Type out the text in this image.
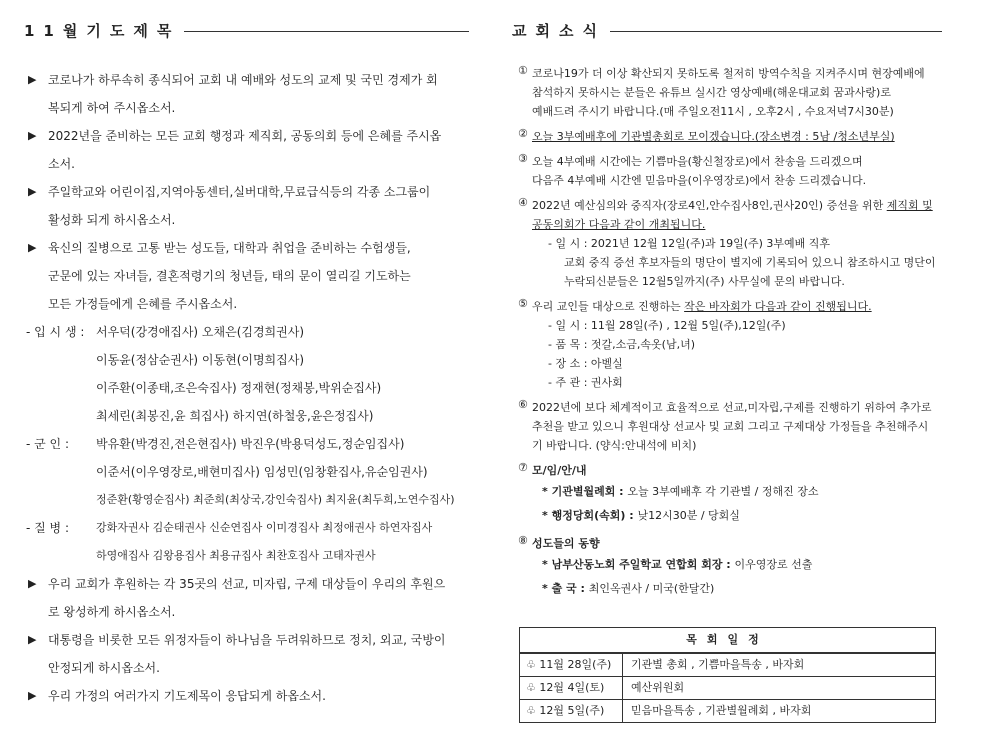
11월기도제목
▶ 코로나가 하루속히 종식되어 교회 내 예배와 성도의 교제 및 국민 경제가 회
복되게 하여 주시옵소서.
▶ 2022년을 준비하는 모든 교회 행정과 제직회, 공동의회 등에 은혜를 주시옵
소서.
▶ 주일학교와 어린이집,지역아동센터,실버대학,무료급식등의 각종 소그룹이
활성화 되게 하시옵소서.
▶ 육신의 질병으로 고통 받는 성도들, 대학과 취업을 준비하는 수험생들,
군문에 있는 자녀들, 결혼적령기의 청년들, 태의 문이 열리길 기도하는
모든 가정들에게 은혜를 주시옵소서.
- 입 시 생 : 서우덕(강경애집사) 오채은(김경희권사)
이동윤(정삼순권사) 이동현(이명희집사)
이주환(이종태,조은숙집사) 정재현(정채봉,박위순집사)
최세린(최봉진,윤 희집사) 하지연(하철웅,윤은정집사)
- 군 인 :	박유환(박경진,전은현집사) 박진우(박용덕성도,정순임집사)
이준서(이우영장로,배현미집사) 임성민(임창환집사,유순임권사)
정준환(황영순집사) 최준희(최상국,강인숙집사) 최지윤(최두희,노연수집사)
- 질 병 :	강화자권사 김순태권사 신순연집사 이미경집사 최정애권사 하연자집사
하영애집사 김왕용집사 최용규집사 최찬호집사 고태자권사
▶ 우리 교회가 후원하는 각 35곳의 선교, 미자립, 구제 대상들이 우리의 후원으
로 왕성하게 하시옵소서.
▶ 대통령을 비롯한 모든 위정자들이 하나님을 두려워하므로 정치, 외교, 국방이
안정되게 하시옵소서.
▶ 우리 가정의 여러가지 기도제목이 응답되게 하옵소서.
교회소식
① 코로나19가 더 이상 확산되지 못하도록 철저히 방역수칙을 지켜주시며 현장예배에
참석하지 못하시는 분들은 유튜브 실시간 영상예배(해운대교회 꿈과사랑)로
예배드려 주시기 바랍니다.(매 주일오전11시 , 오후2시 , 수요저녁7시30분)
② 오늘 3부예배후에 기관별총회로 모이겠습니다.(장소변경 : 5남 /청소년부실)
③ 오늘 4부예배 시간에는 기쁨마을(황신철장로)에서 찬송을 드리겠으며
다음주 4부예배 시간엔 믿음마을(이우영장로)에서 찬송 드리겠습니다.
④ 2022년 예산심의와 중직자(장로4인,안수집사8인,권사20인) 증선을 위한 제직회 및
공동의회가 다음과 같이 개최됩니다.
- 일 시 : 2021년 12월 12일(주)과 19일(주) 3부예배 직후
교회 중직 증선 후보자들의 명단이 별지에 기록되어 있으니 참조하시고 명단이
누락되신분들은 12월5일까지(주) 사무실에 문의 바랍니다.
⑤ 우리 교인들 대상으로 진행하는 작은 바자회가 다음과 같이 진행됩니다.
- 일 시 : 11월 28일(주) , 12월 5일(주),12일(주)
- 품 목 : 젓갈,소금,속옷(남,녀)
- 장 소 : 아벨실
- 주 관 : 권사회
⑥ 2022년에 보다 체계적이고 효율적으로 선교,미자립,구제를 진행하기 위하여 추가로
추천을 받고 있으니 후원대상 선교사 및 교회 그리고 구제대상 가정들을 추천해주시
기 바랍니다. (양식:안내석에 비치)
⑦ 모/임/안/내
* 기관별월례회 : 오늘 3부예배후 각 기관별 / 정해진 장소
* 행정당회(속회) : 낮12시30분 / 당회실
⑧ 성도들의 동향
* 남부산동노회 주일학교 연합회 회장 : 이우영장로 선출
* 출 국 : 최인옥권사 / 미국(한달간)
목회일정
♧ 11월 28일(주)	기관별 총회 , 기쁨마을특송 , 바자회
♧ 12월 4일(토)	예산위원회
♧ 12월 5일(주)	믿음마을특송 , 기관별월례회 , 바자회
